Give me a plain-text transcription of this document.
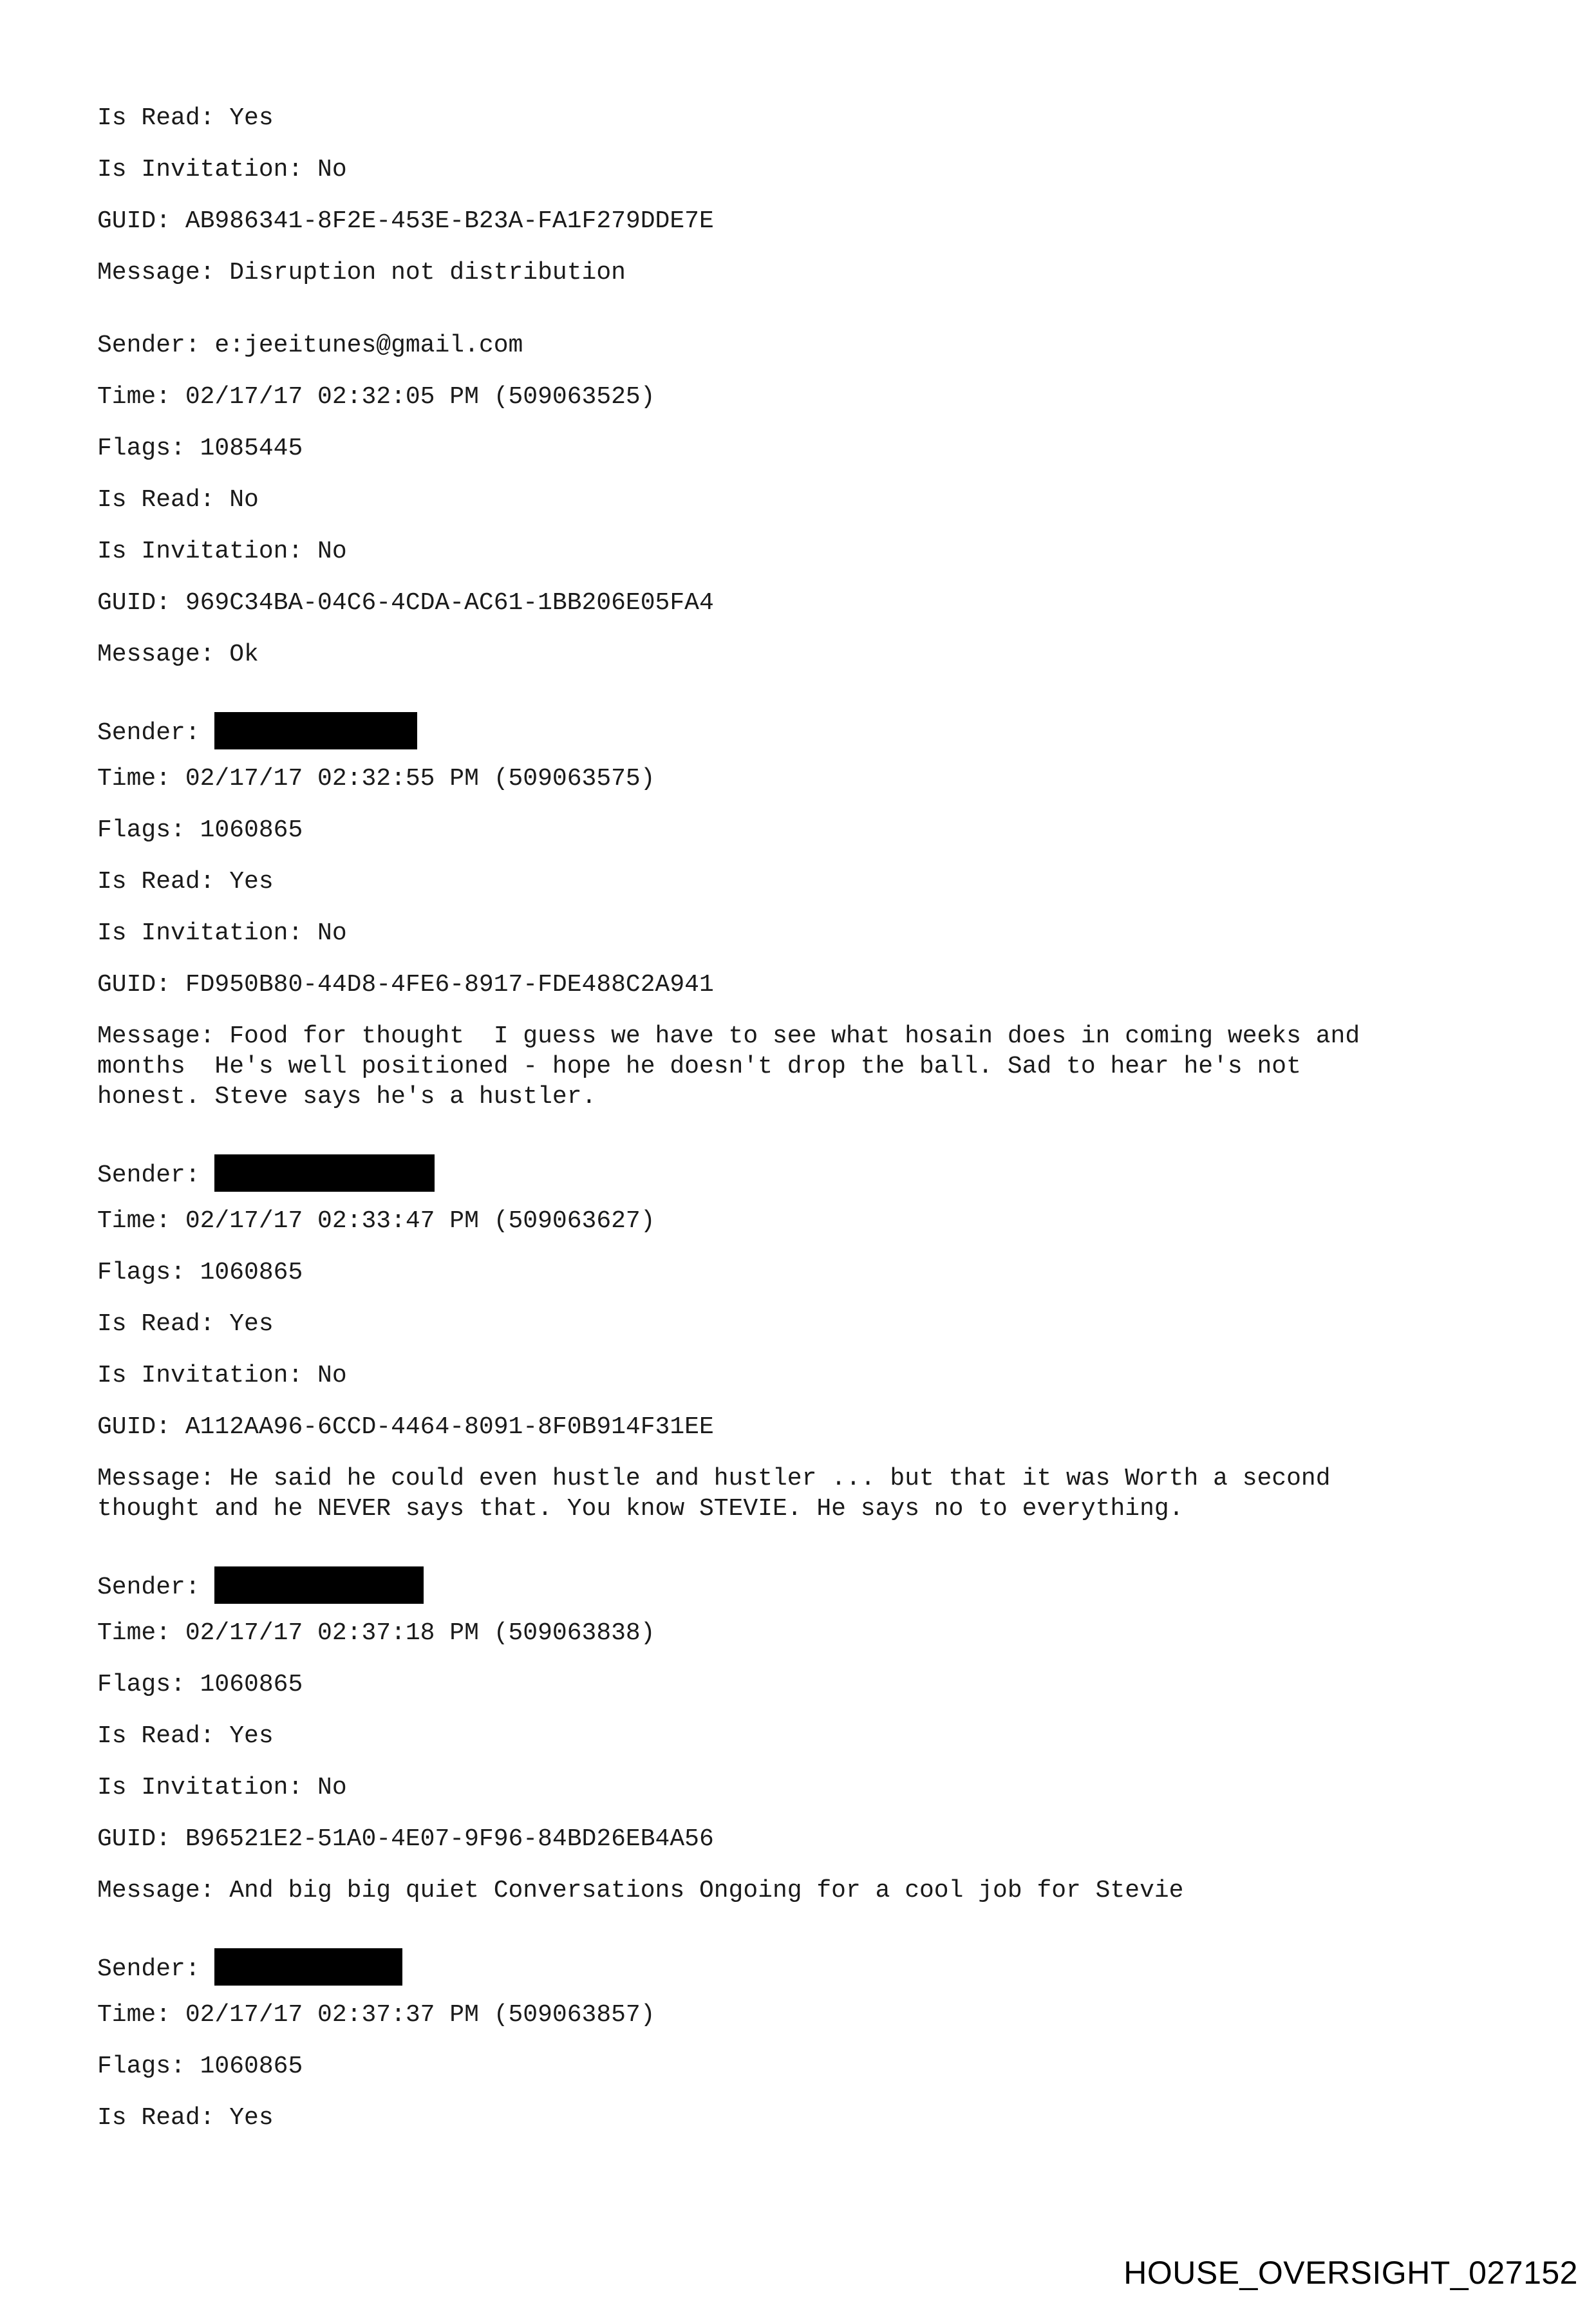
Is Read: Yes

Is Invitation: No

GUID: AB986341-8F2E-453E-B23A-FA1F279DDE7E

Message: Disruption not distribution

Sender: e:jeeitunes@gmail.com

Time: 02/17/17 02:32:05 PM (509063525)

Flags: 1085445

Is Read: No

Is Invitation: No

GUID: 969C34BA-04C6-4CDA-AC61-1BB206E05FA4

Message: Ok

Sender:

Time: 02/17/17 02:32:55 PM (509063575)

Flags: 1060865

Is Read: Yes

Is Invitation: No

GUID: FD950B80-44D8-4FE6-8917-FDE488C2A941

Message: Food for thought  I guess we have to see what hosain does in coming weeks and
months  He's well positioned - hope he doesn't drop the ball. Sad to hear he's not
honest. Steve says he's a hustler.

Sender:

Time: 02/17/17 02:33:47 PM (509063627)

Flags: 1060865

Is Read: Yes

Is Invitation: No

GUID: A112AA96-6CCD-4464-8091-8F0B914F31EE

Message: He said he could even hustle and hustler ... but that it was Worth a second
thought and he NEVER says that. You know STEVIE. He says no to everything.

Sender:

Time: 02/17/17 02:37:18 PM (509063838)

Flags: 1060865

Is Read: Yes

Is Invitation: No

GUID: B96521E2-51A0-4E07-9F96-84BD26EB4A56

Message: And big big quiet Conversations Ongoing for a cool job for Stevie

Sender:

Time: 02/17/17 02:37:37 PM (509063857)

Flags: 1060865

Is Read: Yes

HOUSE_OVERSIGHT_027152
